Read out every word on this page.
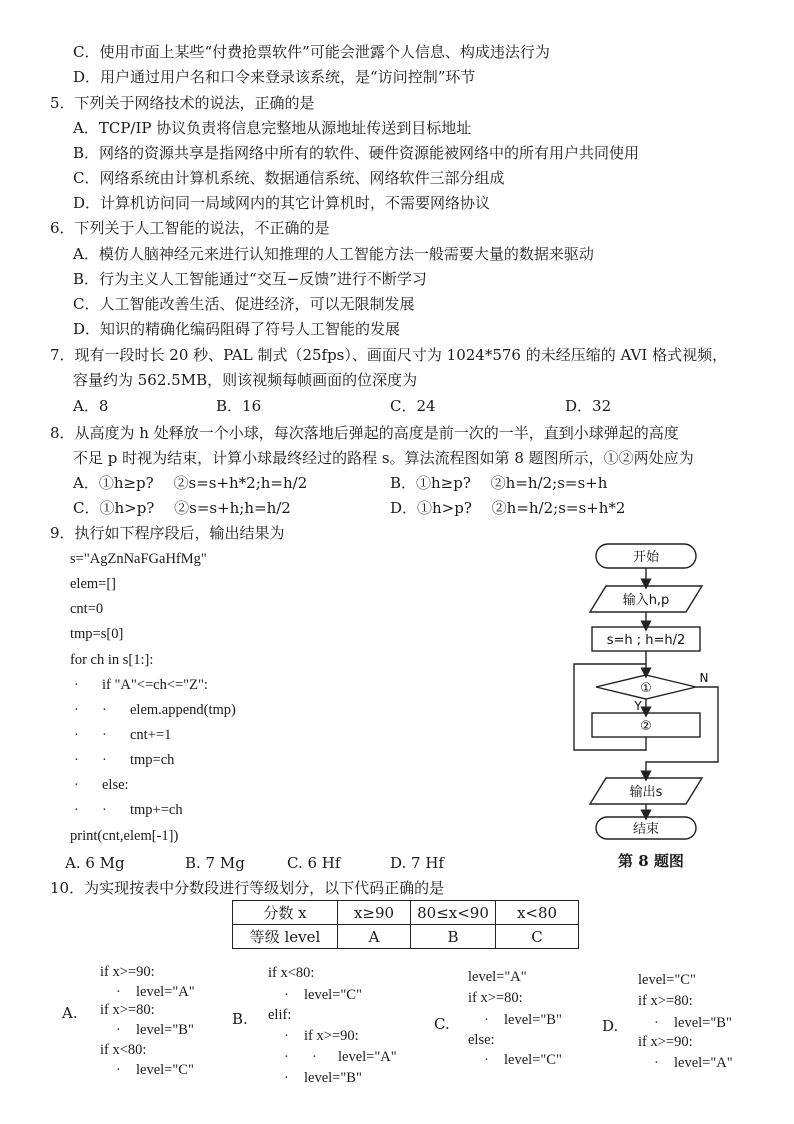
C．使用市面上某些“付费抢票软件”可能会泄露个人信息、构成违法行为
D．用户通过用户名和口令来登录该系统，是“访问控制”环节
5．下列关于网络技术的说法，正确的是
A．TCP/IP 协议负责将信息完整地从源地址传送到目标地址
B．网络的资源共享是指网络中所有的软件、硬件资源能被网络中的所有用户共同使用
C．网络系统由计算机系统、数据通信系统、网络软件三部分组成
D．计算机访问同一局域网内的其它计算机时，不需要网络协议
6．下列关于人工智能的说法，不正确的是
A．模仿人脑神经元来进行认知推理的人工智能方法一般需要大量的数据来驱动
B．行为主义人工智能通过“交互−反馈”进行不断学习
C．人工智能改善生活、促进经济，可以无限制发展
D．知识的精确化编码阻碍了符号人工智能的发展
7．现有一段时长 20 秒、PAL 制式（25fps）、画面尺寸为 1024*576 的未经压缩的 AVI 格式视频，
容量约为 562.5MB，则该视频每帧画面的位深度为
A．8	B．16	C．24	D．32
8．从高度为 h 处释放一个小球，每次落地后弹起的高度是前一次的一半，直到小球弹起的高度
不足 p 时视为结束，计算小球最终经过的路程 s。算法流程图如第 8 题图所示，①②两处应为
A．①h≥p?　 ②s=s+h*2;h=h/2	B．①h≥p?　 ②h=h/2;s=s+h
C．①h>p?　 ②s=s+h;h=h/2	D．①h>p?　 ②h=h/2;s=s+h*2
9．执行如下程序段后，输出结果为
s="AgZnNaFGaHfMg"
elem=[]
cnt=0
tmp=s[0]
for ch in s[1:]:
· if "A"<=ch<="Z":
· · elem.append(tmp)
· · cnt+=1
· · tmp=ch
· else:
· · tmp+=ch
print(cnt,elem[-1])
A. 6 Mg	B. 7 Mg	C. 6 Hf	D. 7 Hf
开始
输入h,p
s=h ; h=h/2
①
Y
N
②
输出s
结束
第 8 题图
10．为实现按表中分数段进行等级划分，以下代码正确的是
分数 x	x≥90	80≤x<90	x<80
等级 level	A	B	C
A.
if x>=90:
· level="A"
if x>=80:
· level="B"
if x<80:
· level="C"
B.
if x<80:
· level="C"
elif:
· if x>=90:
· · level="A"
· level="B"
C.
level="A"
if x>=80:
· level="B"
else:
· level="C"
D.
level="C"
if x>=80:
· level="B"
if x>=90:
· level="A"
